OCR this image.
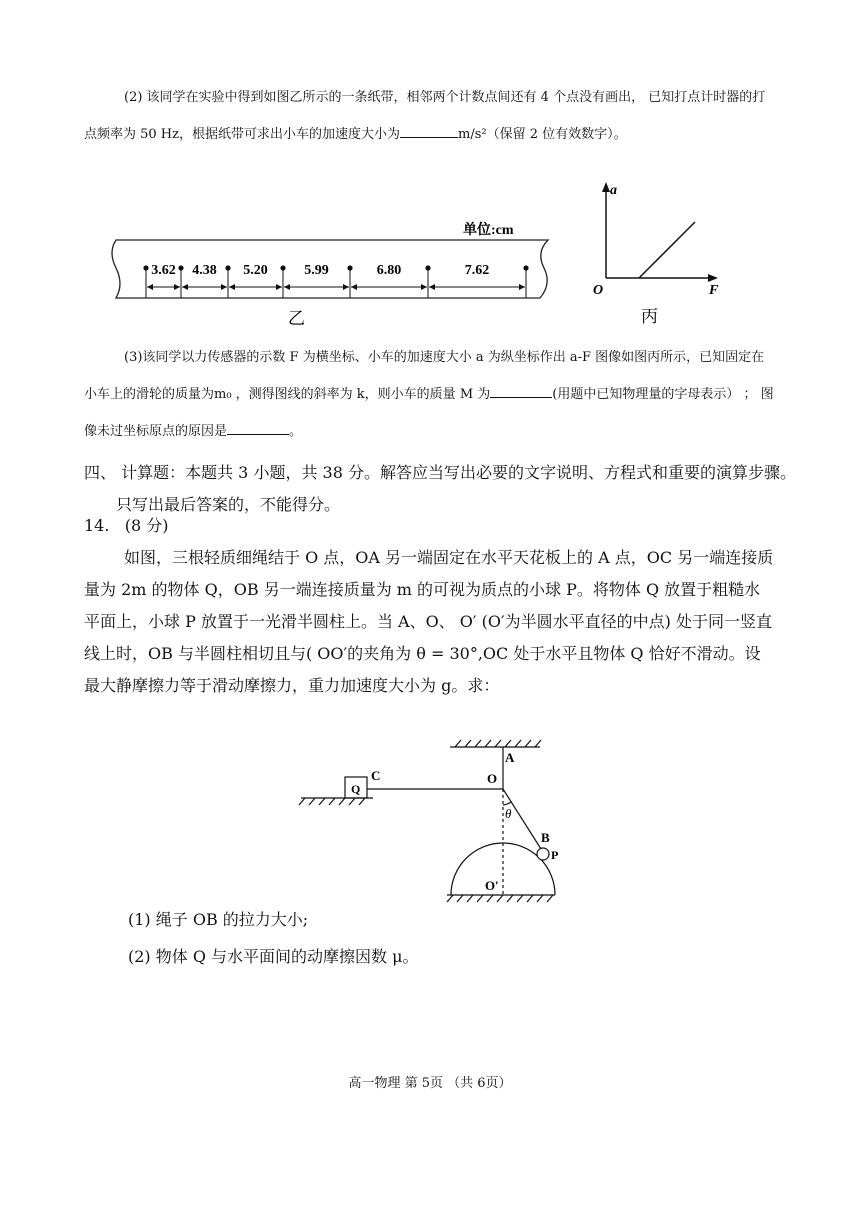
(2) 该同学在实验中得到如图乙所示的一条纸带，相邻两个计数点间还有 4 个点没有画出， 已知打点计时器的打点频率为 50 Hz，根据纸带可求出小车的加速度大小为	m/s²（保留 2 位有效数字）。

单位:cm
3.62 4.38 5.20	5.99	6.80	7.62
乙
a
O	F
丙

(3)该同学以力传感器的示数 F 为横坐标、小车的加速度大小 a 为纵坐标作出 a-F 图像如图丙所示，已知固定在小车上的滑轮的质量为m₀ ，测得图线的斜率为 k，则小车的质量 M 为	(用题中已知物理量的字母表示） ； 图像未过坐标原点的原因是	。

四、 计算题：本题共 3 小题，共 38 分。解答应当写出必要的文字说明、方程式和重要的演算步骤。只写出最后答案的，不能得分。

14. (8 分)

如图，三根轻质细绳结于 O 点，OA 另一端固定在水平天花板上的 A 点，OC 另一端连接质量为 2m 的物体 Q，OB 另一端连接质量为 m 的可视为质点的小球 P。将物体 Q 放置于粗糙水平面上，小球 P 放置于一光滑半圆柱上。当 A、O、 O′ (O′为半圆水平直径的中点) 处于同一竖直线上时，OB 与半圆柱相切且与( OO′的夹角为 θ = 30°,OC 处于水平且物体 Q 恰好不滑动。设最大静摩擦力等于滑动摩擦力，重力加速度大小为 g。求：

A
O
C
Q
θ
B
P
O′

(1) 绳子 OB 的拉力大小;

(2) 物体 Q 与水平面间的动摩擦因数 μ。

高一物理 第 5页 （共 6页）
